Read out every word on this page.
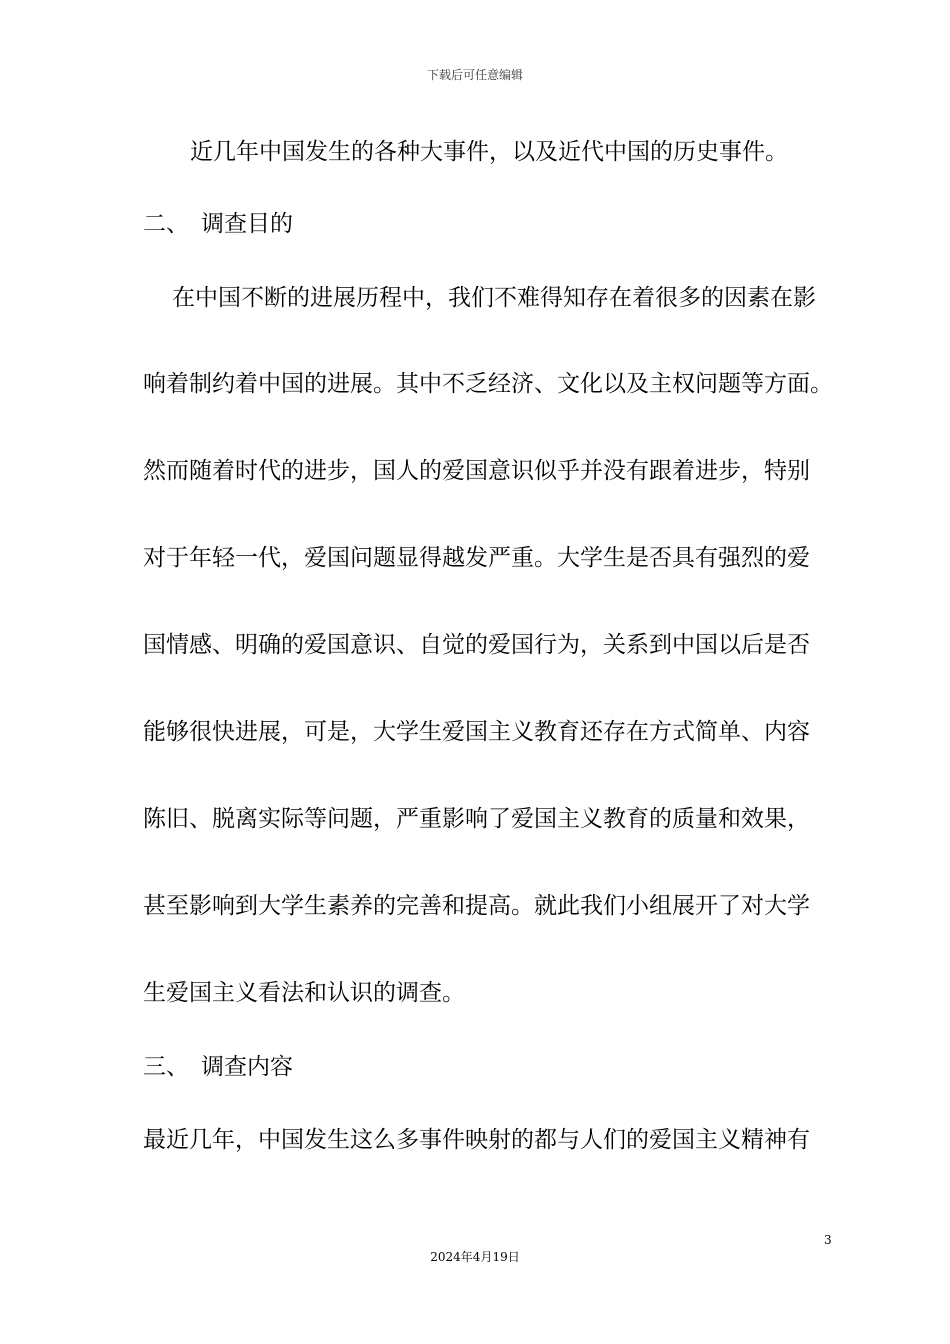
下载后可任意编辑
近几年中国发生的各种大事件，以及近代中国的历史事件。
二、 调查目的
在中国不断的进展历程中，我们不难得知存在着很多的因素在影
响着制约着中国的进展。其中不乏经济、文化以及主权问题等方面。
然而随着时代的进步，国人的爱国意识似乎并没有跟着进步，特别
对于年轻一代，爱国问题显得越发严重。大学生是否具有强烈的爱
国情感、明确的爱国意识、自觉的爱国行为，关系到中国以后是否
能够很快进展，可是，大学生爱国主义教育还存在方式简单、内容
陈旧、脱离实际等问题，严重影响了爱国主义教育的质量和效果，
甚至影响到大学生素养的完善和提高。就此我们小组展开了对大学
生爱国主义看法和认识的调查。
三、 调查内容
最近几年，中国发生这么多事件映射的都与人们的爱国主义精神有
3
2024年4月19日
